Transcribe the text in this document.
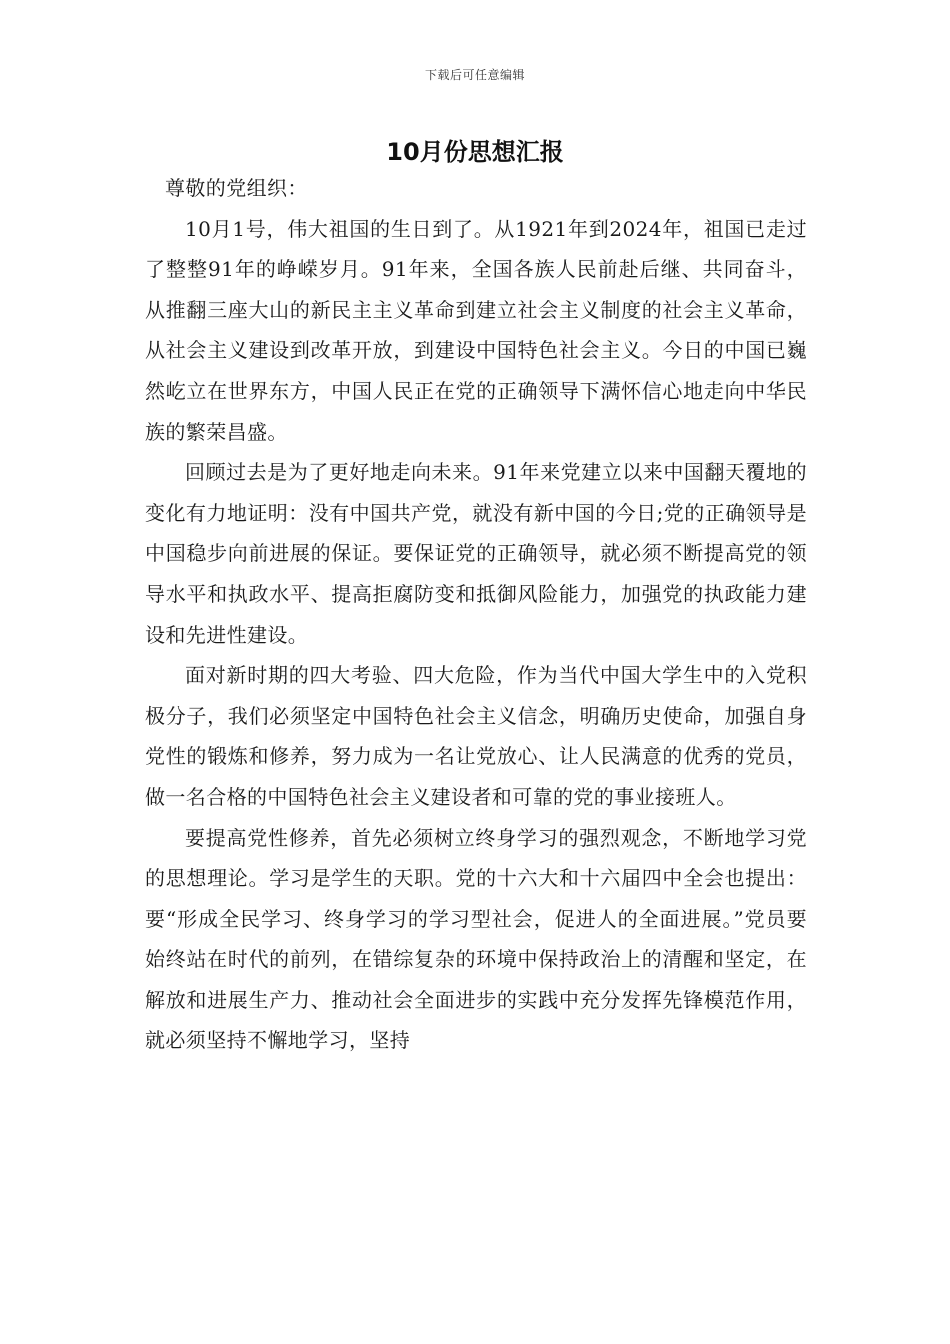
下载后可任意编辑
10月份思想汇报

尊敬的党组织：

10月1号，伟大祖国的生日到了。从1921年到2024年，祖国已走过了整整91年的峥嵘岁月。91年来，全国各族人民前赴后继、共同奋斗，从推翻三座大山的新民主主义革命到建立社会主义制度的社会主义革命，从社会主义建设到改革开放，到建设中国特色社会主义。今日的中国已巍然屹立在世界东方，中国人民正在党的正确领导下满怀信心地走向中华民族的繁荣昌盛。

回顾过去是为了更好地走向未来。91年来党建立以来中国翻天覆地的变化有力地证明：没有中国共产党，就没有新中国的今日;党的正确领导是中国稳步向前进展的保证。要保证党的正确领导，就必须不断提高党的领导水平和执政水平、提高拒腐防变和抵御风险能力，加强党的执政能力建设和先进性建设。

面对新时期的四大考验、四大危险，作为当代中国大学生中的入党积极分子，我们必须坚定中国特色社会主义信念，明确历史使命，加强自身党性的锻炼和修养，努力成为一名让党放心、让人民满意的优秀的党员，做一名合格的中国特色社会主义建设者和可靠的党的事业接班人。

要提高党性修养，首先必须树立终身学习的强烈观念，不断地学习党的思想理论。学习是学生的天职。党的十六大和十六届四中全会也提出：要“形成全民学习、终身学习的学习型社会，促进人的全面进展。”党员要始终站在时代的前列，在错综复杂的环境中保持政治上的清醒和坚定，在解放和进展生产力、推动社会全面进步的实践中充分发挥先锋模范作用，就必须坚持不懈地学习，坚持
